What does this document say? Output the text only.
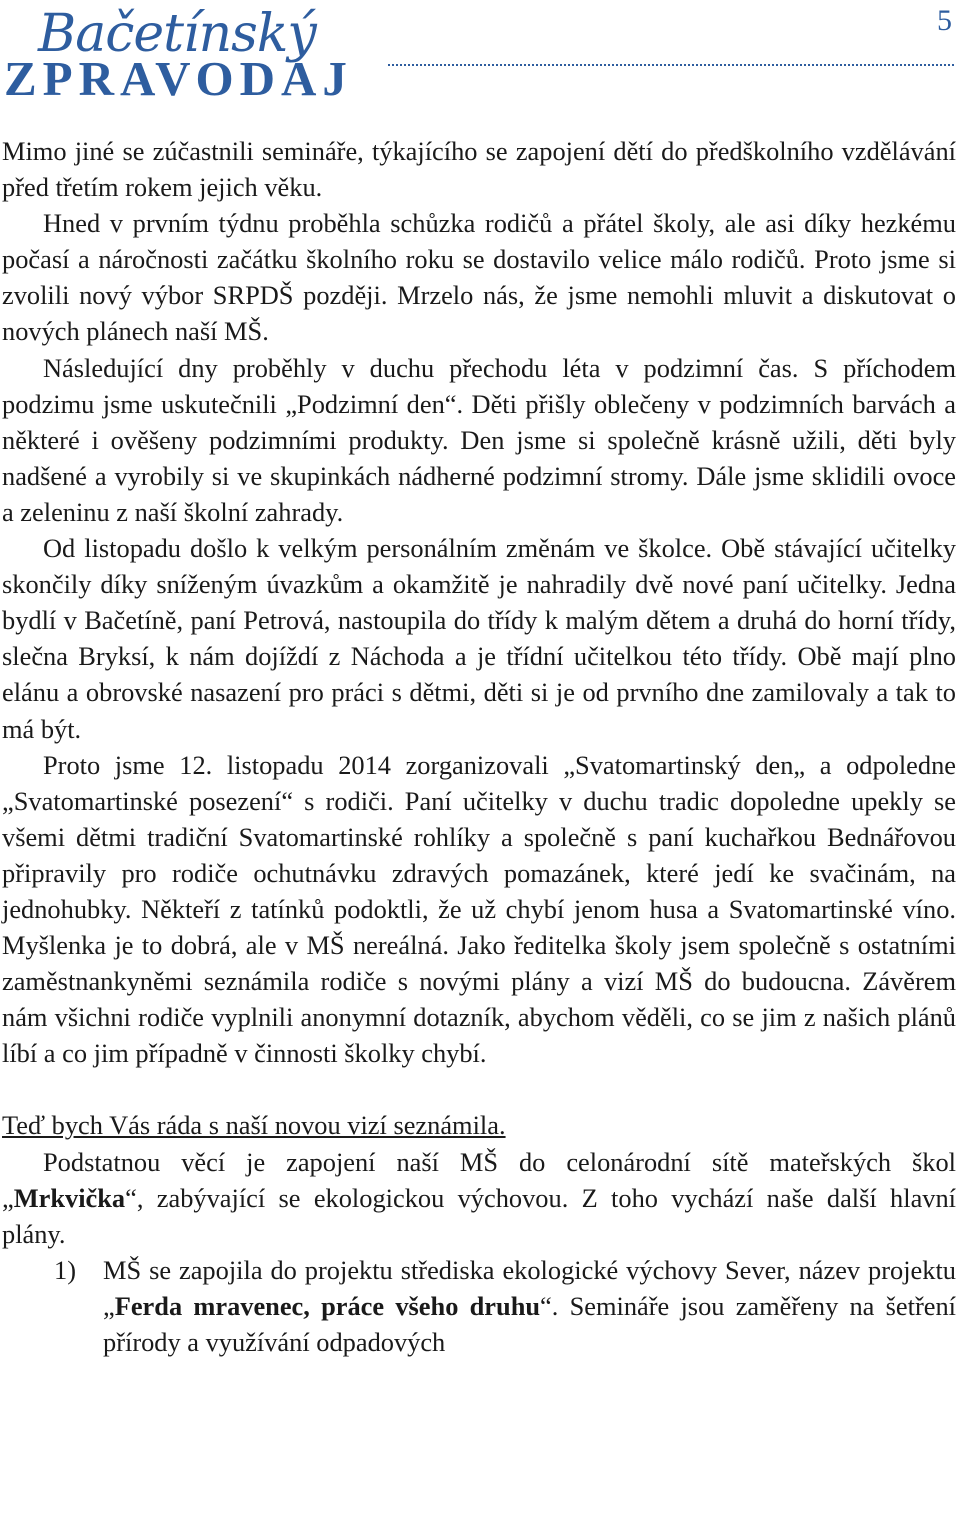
Bačetínský
ZPRAVODAJ
5

Mimo jiné se zúčastnili semináře, týkajícího se zapojení dětí do předškolního vzdělávání před třetím rokem jejich věku.

Hned v prvním týdnu proběhla schůzka rodičů a přátel školy, ale asi díky hezkému počasí a náročnosti začátku školního roku se dostavilo velice málo rodičů. Proto jsme si zvolili nový výbor SRPDŠ později. Mrzelo nás, že jsme nemohli mluvit a diskutovat o nových plánech naší MŠ.

Následující dny proběhly v duchu přechodu léta v podzimní čas. S příchodem podzimu jsme uskutečnili „Podzimní den“. Děti přišly oblečeny v podzimních barvách a některé i ověšeny podzimními produkty. Den jsme si společně krásně užili, děti byly nadšené a vyrobily si ve skupinkách nádherné podzimní stromy. Dále jsme sklidili ovoce a zeleninu z naší školní zahrady.

Od listopadu došlo k velkým personálním změnám ve školce. Obě stávající učitelky skončily díky sníženým úvazkům a okamžitě je nahradily dvě nové paní učitelky. Jedna bydlí v Bačetíně, paní Petrová, nastoupila do třídy k malým dětem a druhá do horní třídy, slečna Bryksí, k nám dojíždí z Náchoda a je třídní učitelkou této třídy. Obě mají plno elánu a obrovské nasazení pro práci s dětmi, děti si je od prvního dne zamilovaly a tak to má být.

Proto jsme 12. listopadu 2014 zorganizovali „Svatomartinský den„ a odpoledne „Svatomartinské posezení“ s rodiči. Paní učitelky v duchu tradic dopoledne upekly se všemi dětmi tradiční Svatomartinské rohlíky a společně s paní kuchařkou Bednářovou připravily pro rodiče ochutnávku zdravých pomazánek, které jedí ke svačinám, na jednohubky. Někteří z tatínků podoktli, že už chybí jenom husa a Svatomartinské víno. Myšlenka je to dobrá, ale v MŠ nereálná. Jako ředitelka školy jsem společně s ostatními zaměstnankyněmi seznámila rodiče s novými plány a vizí MŠ do budoucna. Závěrem nám všichni rodiče vyplnili anonymní dotazník, abychom věděli, co se jim z našich plánů líbí a co jim případně v činnosti školky chybí.

Teď bych Vás ráda s naší novou vizí seznámila.

Podstatnou věcí je zapojení naší MŠ do celonárodní sítě mateřských škol „Mrkvička“, zabývající se ekologickou výchovou. Z toho vychází naše další hlavní plány.

1) MŠ se zapojila do projektu střediska ekologické výchovy Sever, název projektu „Ferda mravenec, práce všeho druhu“. Semináře jsou zaměřeny na šetření přírody a využívání odpadových
